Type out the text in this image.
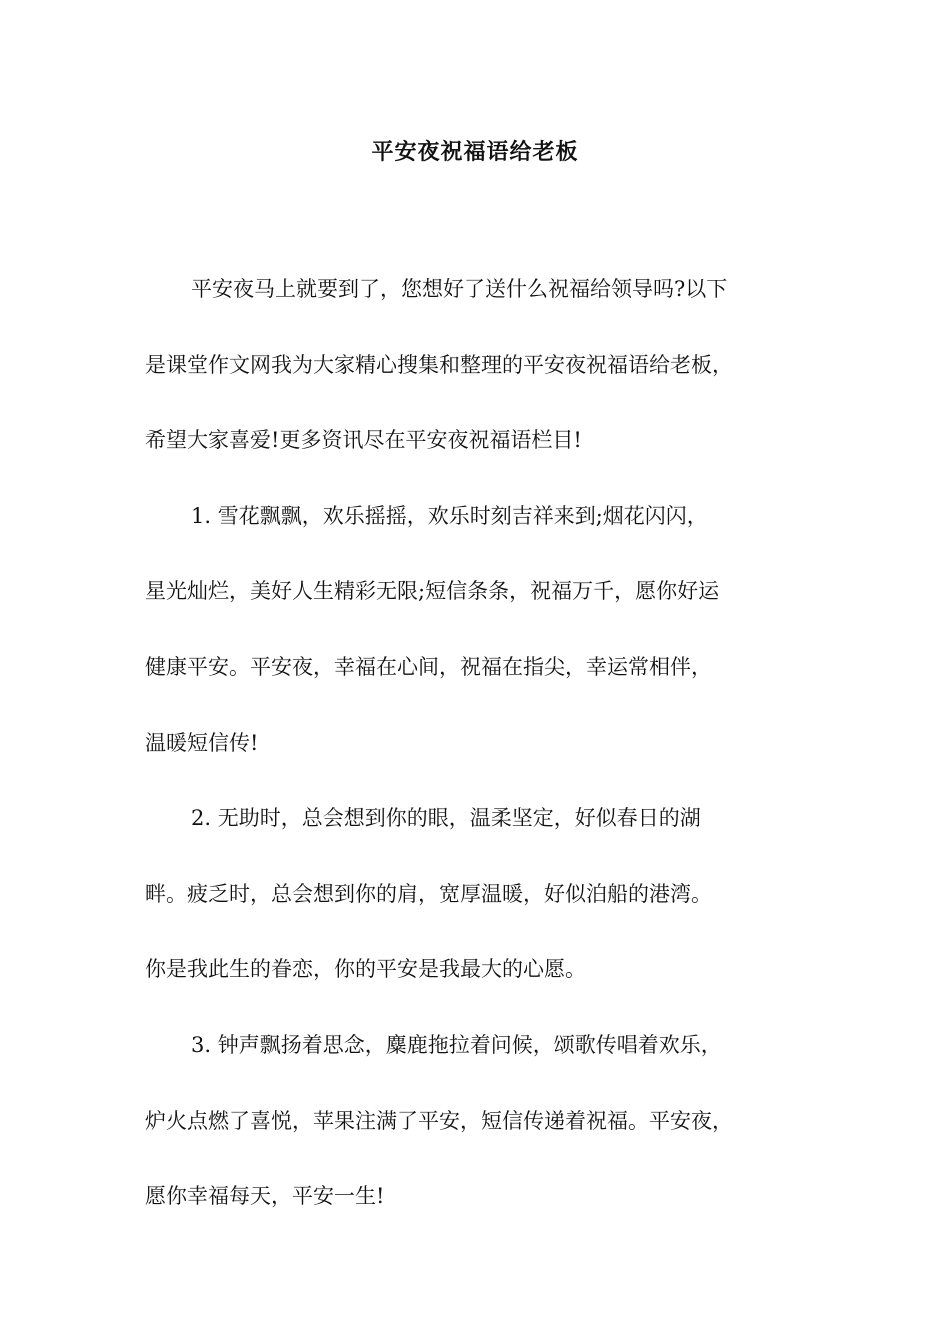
平安夜祝福语给老板

平安夜马上就要到了，您想好了送什么祝福给领导吗?以下
是课堂作文网我为大家精心搜集和整理的平安夜祝福语给老板，
希望大家喜爱!更多资讯尽在平安夜祝福语栏目!

1. 雪花飘飘，欢乐摇摇，欢乐时刻吉祥来到;烟花闪闪，
星光灿烂，美好人生精彩无限;短信条条，祝福万千，愿你好运
健康平安。平安夜，幸福在心间，祝福在指尖，幸运常相伴，
温暖短信传!

2. 无助时，总会想到你的眼，温柔坚定，好似春日的湖
畔。疲乏时，总会想到你的肩，宽厚温暖，好似泊船的港湾。
你是我此生的眷恋，你的平安是我最大的心愿。

3. 钟声飘扬着思念，麋鹿拖拉着问候，颂歌传唱着欢乐，
炉火点燃了喜悦，苹果注满了平安，短信传递着祝福。平安夜，
愿你幸福每天，平安一生!
